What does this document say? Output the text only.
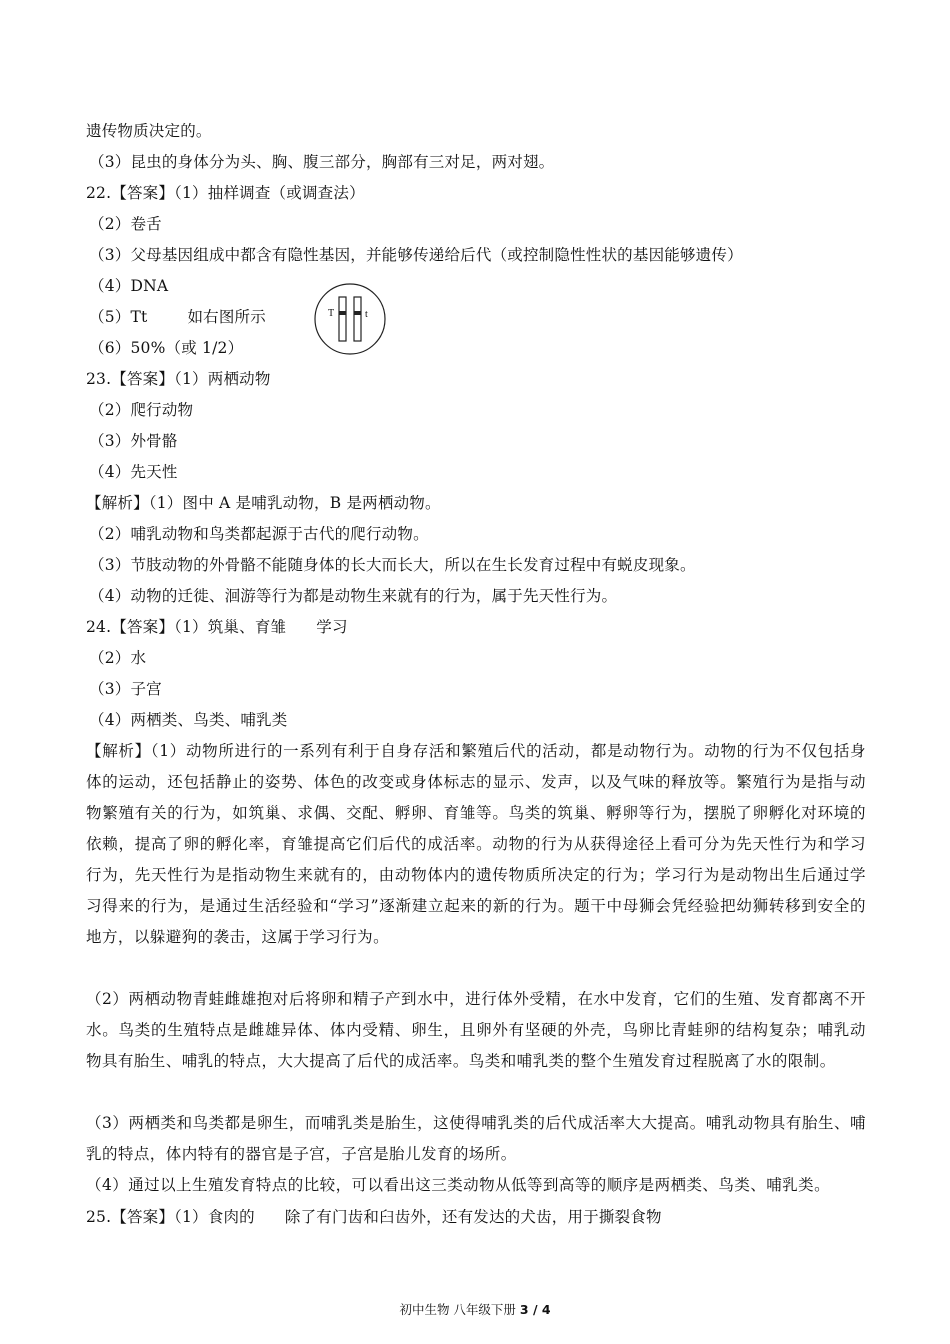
遗传物质决定的。
（3）昆虫的身体分为头、胸、腹三部分，胸部有三对足，两对翅。
22.【答案】（1）抽样调查（或调查法）
（2）卷舌
（3）父母基因组成中都含有隐性基因，并能够传递给后代（或控制隐性性状的基因能够遗传）
（4）DNA
（5）Tt	如右图所示	T	t
（6）50%（或 1/2）
23.【答案】（1）两栖动物
（2）爬行动物
（3）外骨骼
（4）先天性
【解析】（1）图中 A 是哺乳动物，B 是两栖动物。
（2）哺乳动物和鸟类都起源于古代的爬行动物。
（3）节肢动物的外骨骼不能随身体的长大而长大，所以在生长发育过程中有蜕皮现象。
（4）动物的迁徙、洄游等行为都是动物生来就有的行为，属于先天性行为。
24.【答案】（1）筑巢、育雏 学习
（2）水
（3）子宫
（4）两栖类、鸟类、哺乳类
【解析】（1）动物所进行的一系列有利于自身存活和繁殖后代的活动，都是动物行为。动物的行为不仅包括身体的运动，还包括静止的姿势、体色的改变或身体标志的显示、发声，以及气味的释放等。繁殖行为是指与动物繁殖有关的行为，如筑巢、求偶、交配、孵卵、育雏等。鸟类的筑巢、孵卵等行为，摆脱了卵孵化对环境的依赖，提高了卵的孵化率，育雏提高它们后代的成活率。动物的行为从获得途径上看可分为先天性行为和学习行为，先天性行为是指动物生来就有的，由动物体内的遗传物质所决定的行为；学习行为是动物出生后通过学习得来的行为，是通过生活经验和“学习”逐渐建立起来的新的行为。题干中母狮会凭经验把幼狮转移到安全的地方，以躲避狗的袭击，这属于学习行为。
（2）两栖动物青蛙雌雄抱对后将卵和精子产到水中，进行体外受精，在水中发育，它们的生殖、发育都离不开水。鸟类的生殖特点是雌雄异体、体内受精、卵生，且卵外有坚硬的外壳，鸟卵比青蛙卵的结构复杂；哺乳动物具有胎生、哺乳的特点，大大提高了后代的成活率。鸟类和哺乳类的整个生殖发育过程脱离了水的限制。
（3）两栖类和鸟类都是卵生，而哺乳类是胎生，这使得哺乳类的后代成活率大大提高。哺乳动物具有胎生、哺乳的特点，体内特有的器官是子宫，子宫是胎儿发育的场所。
（4）通过以上生殖发育特点的比较，可以看出这三类动物从低等到高等的顺序是两栖类、鸟类、哺乳类。
25.【答案】（1）食肉的 除了有门齿和臼齿外，还有发达的犬齿，用于撕裂食物
初中生物 八年级下册 3 / 4
